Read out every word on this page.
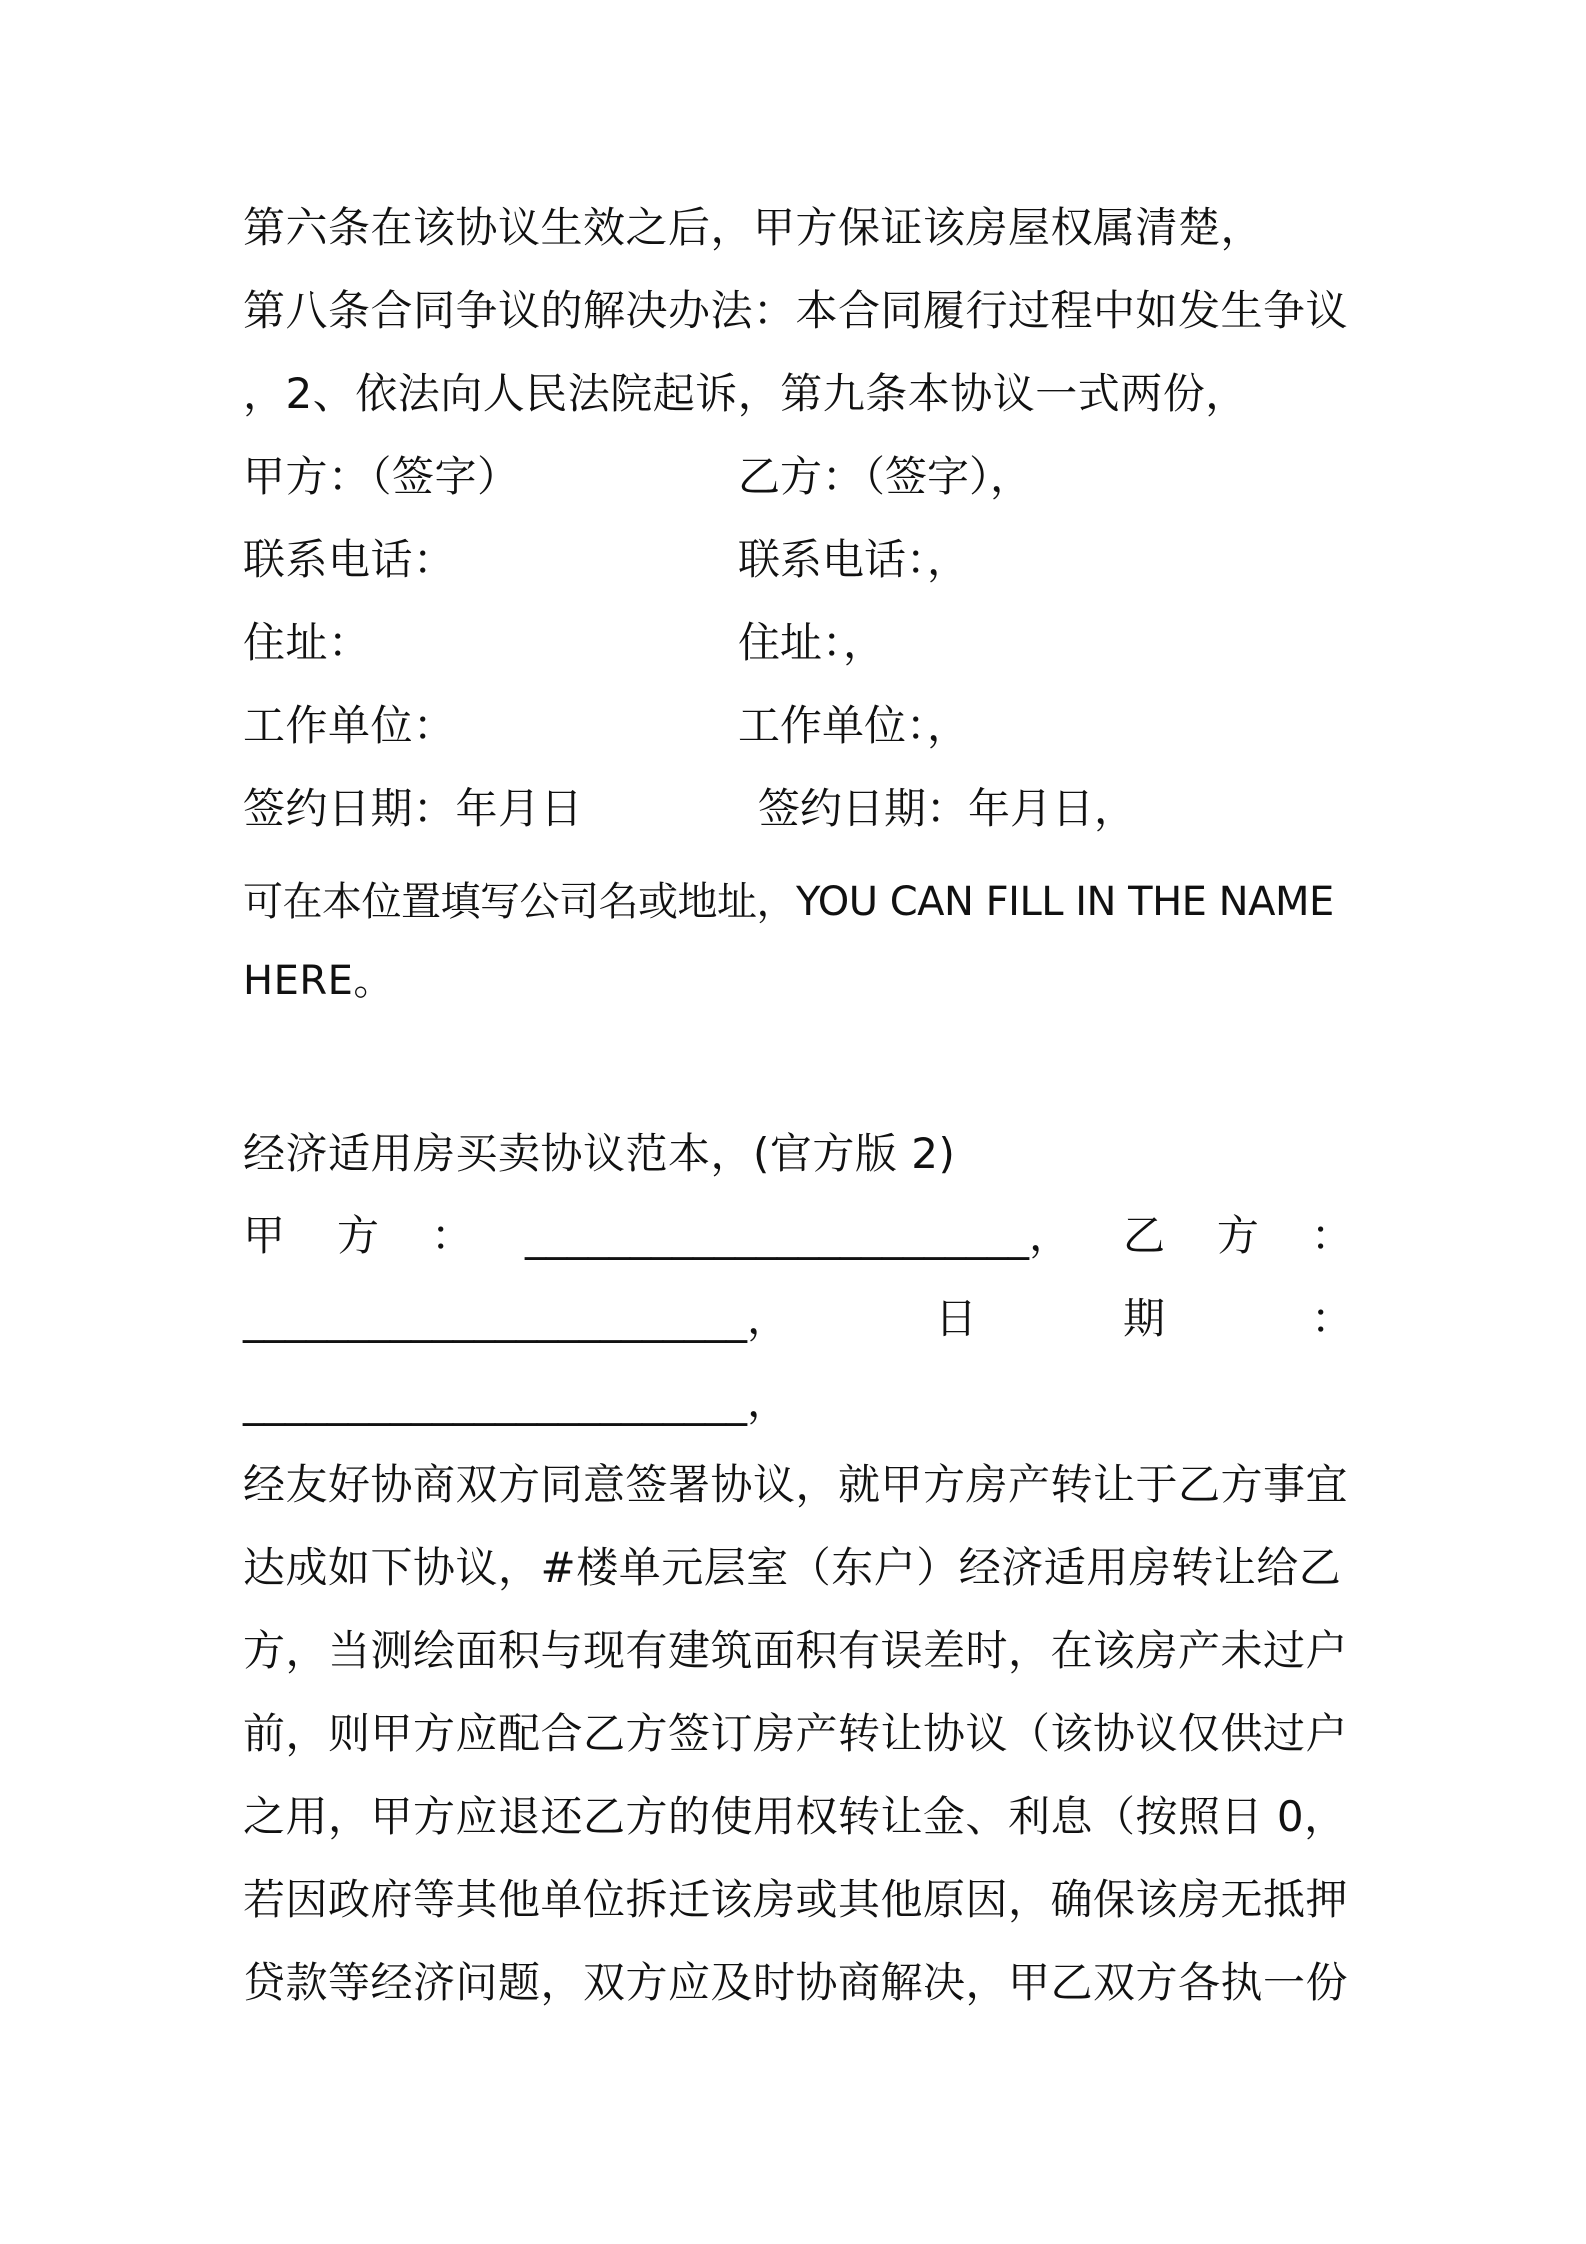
第六条在该协议生效之后，甲方保证该房屋权属清楚，
第八条合同争议的解决办法：本合同履行过程中如发生争议
，2、依法向人民法院起诉，第九条本协议一式两份，
甲方：（签字）	乙方：（签字），
联系电话：	联系电话：，
住址：	住址：，
工作单位：	工作单位：，
签约日期：年月日	签约日期：年月日，
可在本位置填写公司名或地址，YOU CAN FILL IN THE NAME
HERE。
经济适用房买卖协议范本，(官方版 2)
甲 方 ： ________________________， 乙 方 ：
________________________，	日	期	：
________________________，
经友好协商双方同意签署协议，就甲方房产转让于乙方事宜
达成如下协议，#楼单元层室（东户）经济适用房转让给乙
方，当测绘面积与现有建筑面积有误差时，在该房产未过户
前，则甲方应配合乙方签订房产转让协议（该协议仅供过户
之用，甲方应退还乙方的使用权转让金、利息（按照日 0，
若因政府等其他单位拆迁该房或其他原因，确保该房无抵押
贷款等经济问题，双方应及时协商解决，甲乙双方各执一份
